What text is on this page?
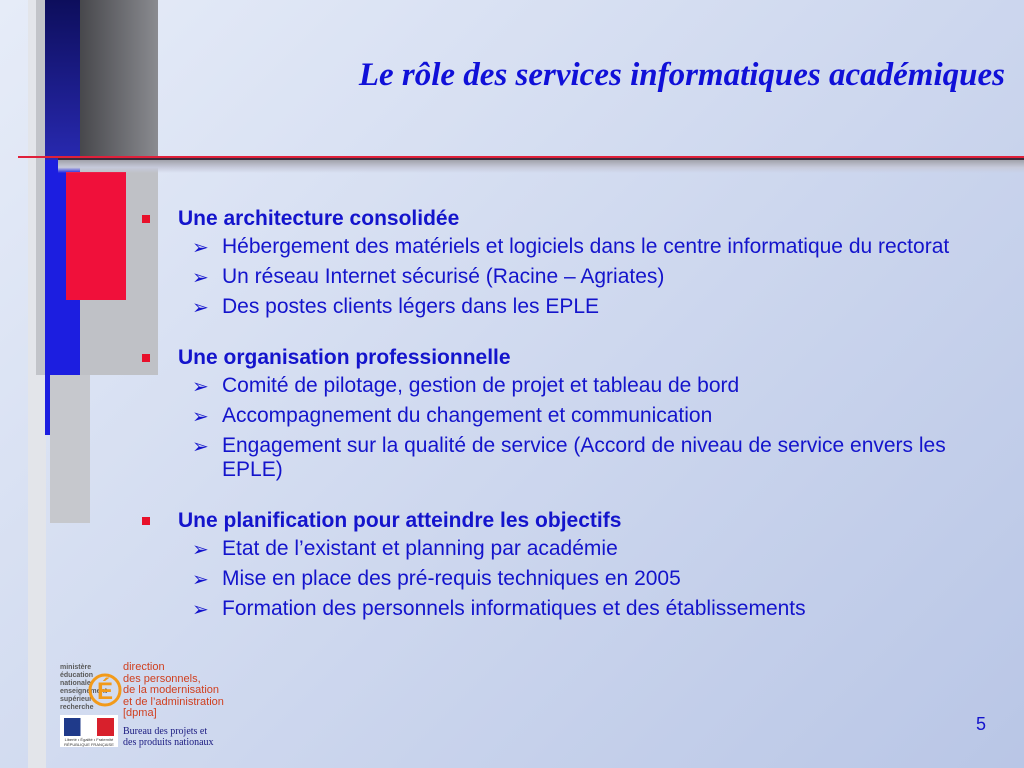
Le rôle des services informatiques académiques
Une architecture consolidée
➢ Hébergement des matériels et logiciels dans le centre informatique du rectorat
➢ Un réseau Internet sécurisé (Racine – Agriates)
➢ Des postes clients légers dans les EPLE
Une organisation professionnelle
➢ Comité de pilotage, gestion de projet et tableau de bord
➢ Accompagnement du changement et communication
➢ Engagement sur la qualité de service (Accord de niveau de service envers les EPLE)
Une planification pour atteindre les objectifs
➢ Etat de l’existant et planning par académie
➢ Mise en place des pré-requis techniques en 2005
➢ Formation des personnels informatiques et des établissements
ministère
éducation
nationale
enseignement
supérieur
recherche
É
direction
des personnels,
de la modernisation
et de l’administration
[dpma]
Liberté • Égalité • Fraternité RÉPUBLIQUE FRANÇAISE
Bureau des projets et
des produits nationaux
5
